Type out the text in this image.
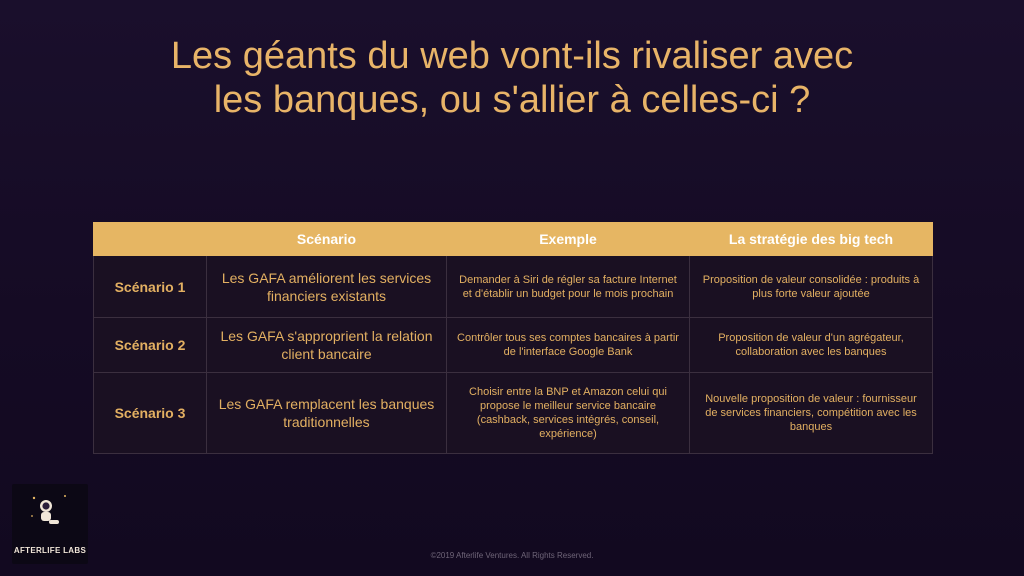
Les géants du web vont-ils rivaliser avec
les banques, ou s'allier à celles-ci ?
	Scénario	Exemple	La stratégie des big tech
Scénario 1	Les GAFA améliorent les services financiers existants	Demander à Siri de régler sa facture Internet et d'établir un budget pour le mois prochain	Proposition de valeur consolidée : produits à plus forte valeur ajoutée
Scénario 2	Les GAFA s'approprient la relation client bancaire	Contrôler tous ses comptes bancaires à partir de l'interface Google Bank	Proposition de valeur d'un agrégateur, collaboration avec les banques
Scénario 3	Les GAFA remplacent les banques traditionnelles	Choisir entre la BNP et Amazon celui qui propose le meilleur service bancaire (cashback, services intégrés, conseil, expérience)	Nouvelle proposition de valeur : fournisseur de services financiers, compétition avec les banques
AFTERLIFE LABS
©2019 Afterlife Ventures. All Rights Reserved.
